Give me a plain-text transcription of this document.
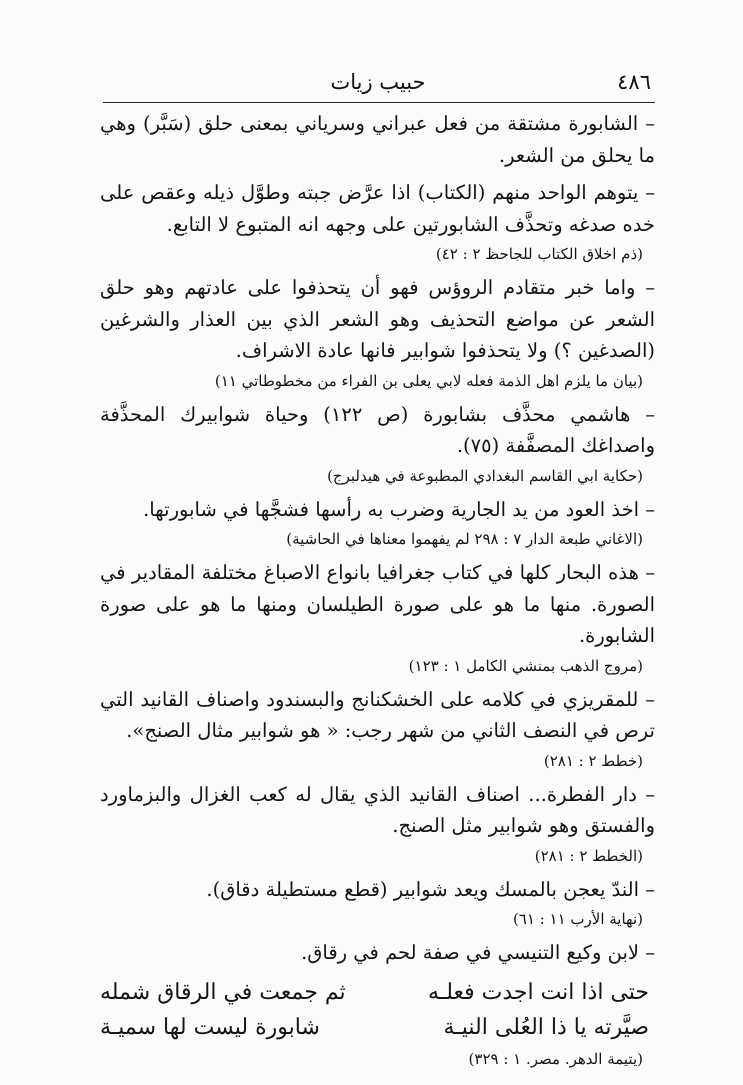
٤٨٦
حبيب زيات

– الشابورة مشتقة من فعل عبراني وسرياني بمعنى حلق (سَبَّر) وهي ما يحلق من الشعر.

– يتوهم الواحد منهم (الكتاب) اذا عرَّض جبته وطوَّل ذيله وعقص على خده صدغه وتحذَّف الشابورتين على وجهه انه المتبوع لا التابع.

(ذم اخلاق الكتاب للجاحظ ٢ : ٤٢)

– واما خبر متقادم الروؤس فهو أن يتحذفوا على عادتهم وهو حلق الشعر عن مواضع التحذيف وهو الشعر الذي بين العذار والشرغين (الصدغين ؟) ولا يتحذفوا شوابير فانها عادة الاشراف.

(بيان ما يلزم اهل الذمة فعله لابي يعلى بن الفراء من مخطوطاتي ١١)

– هاشمي محذَّف بشابورة (ص ١٢٢) وحياة شوابيرك المحذَّفة واصداغك المصفَّفة (٧٥).

(حكاية ابي القاسم البغدادي المطبوعة في هيدلبرج)

– اخذ العود من يد الجارية وضرب به رأسها فشجَّها في شابورتها.

(الاغاني طبعة الدار ٧ : ٢٩٨ لم يفهموا معناها في الحاشية)

– هذه البحار كلها في كتاب جغرافيا بانواع الاصباغ مختلفة المقادير في الصورة. منها ما هو على صورة الطيلسان ومنها ما هو على صورة الشابورة.

(مروج الذهب بمنشي الكامل ١ : ١٢٣)

– للمقريزي في كلامه على الخشكنانج والبسندود واصناف القانيد التي ترص في النصف الثاني من شهر رجب: « هو شوابير مثال الصنج».

(خطط ٢ : ٢٨١)

– دار الفطرة... اصناف القانيد الذي يقال له كعب الغزال والبزماورد والفستق وهو شوابير مثل الصنج.

(الخطط ٢ : ٢٨١)

– الندّ يعجن بالمسك ويعد شوابير (قطع مستطيلة دقاق).

(نهاية الأرب ١١ : ٦١)

– لابن وكيع التنيسي في صفة لحم في رقاق.

حتى اذا انت اجدت فعلـه
ثم جمعت في الرقاق شمله
صيَّرته يا ذا العُلى النيـة
شابورة ليست لها سميـة
(يتيمة الدهر. مصر. ١ : ٣٢٩)
